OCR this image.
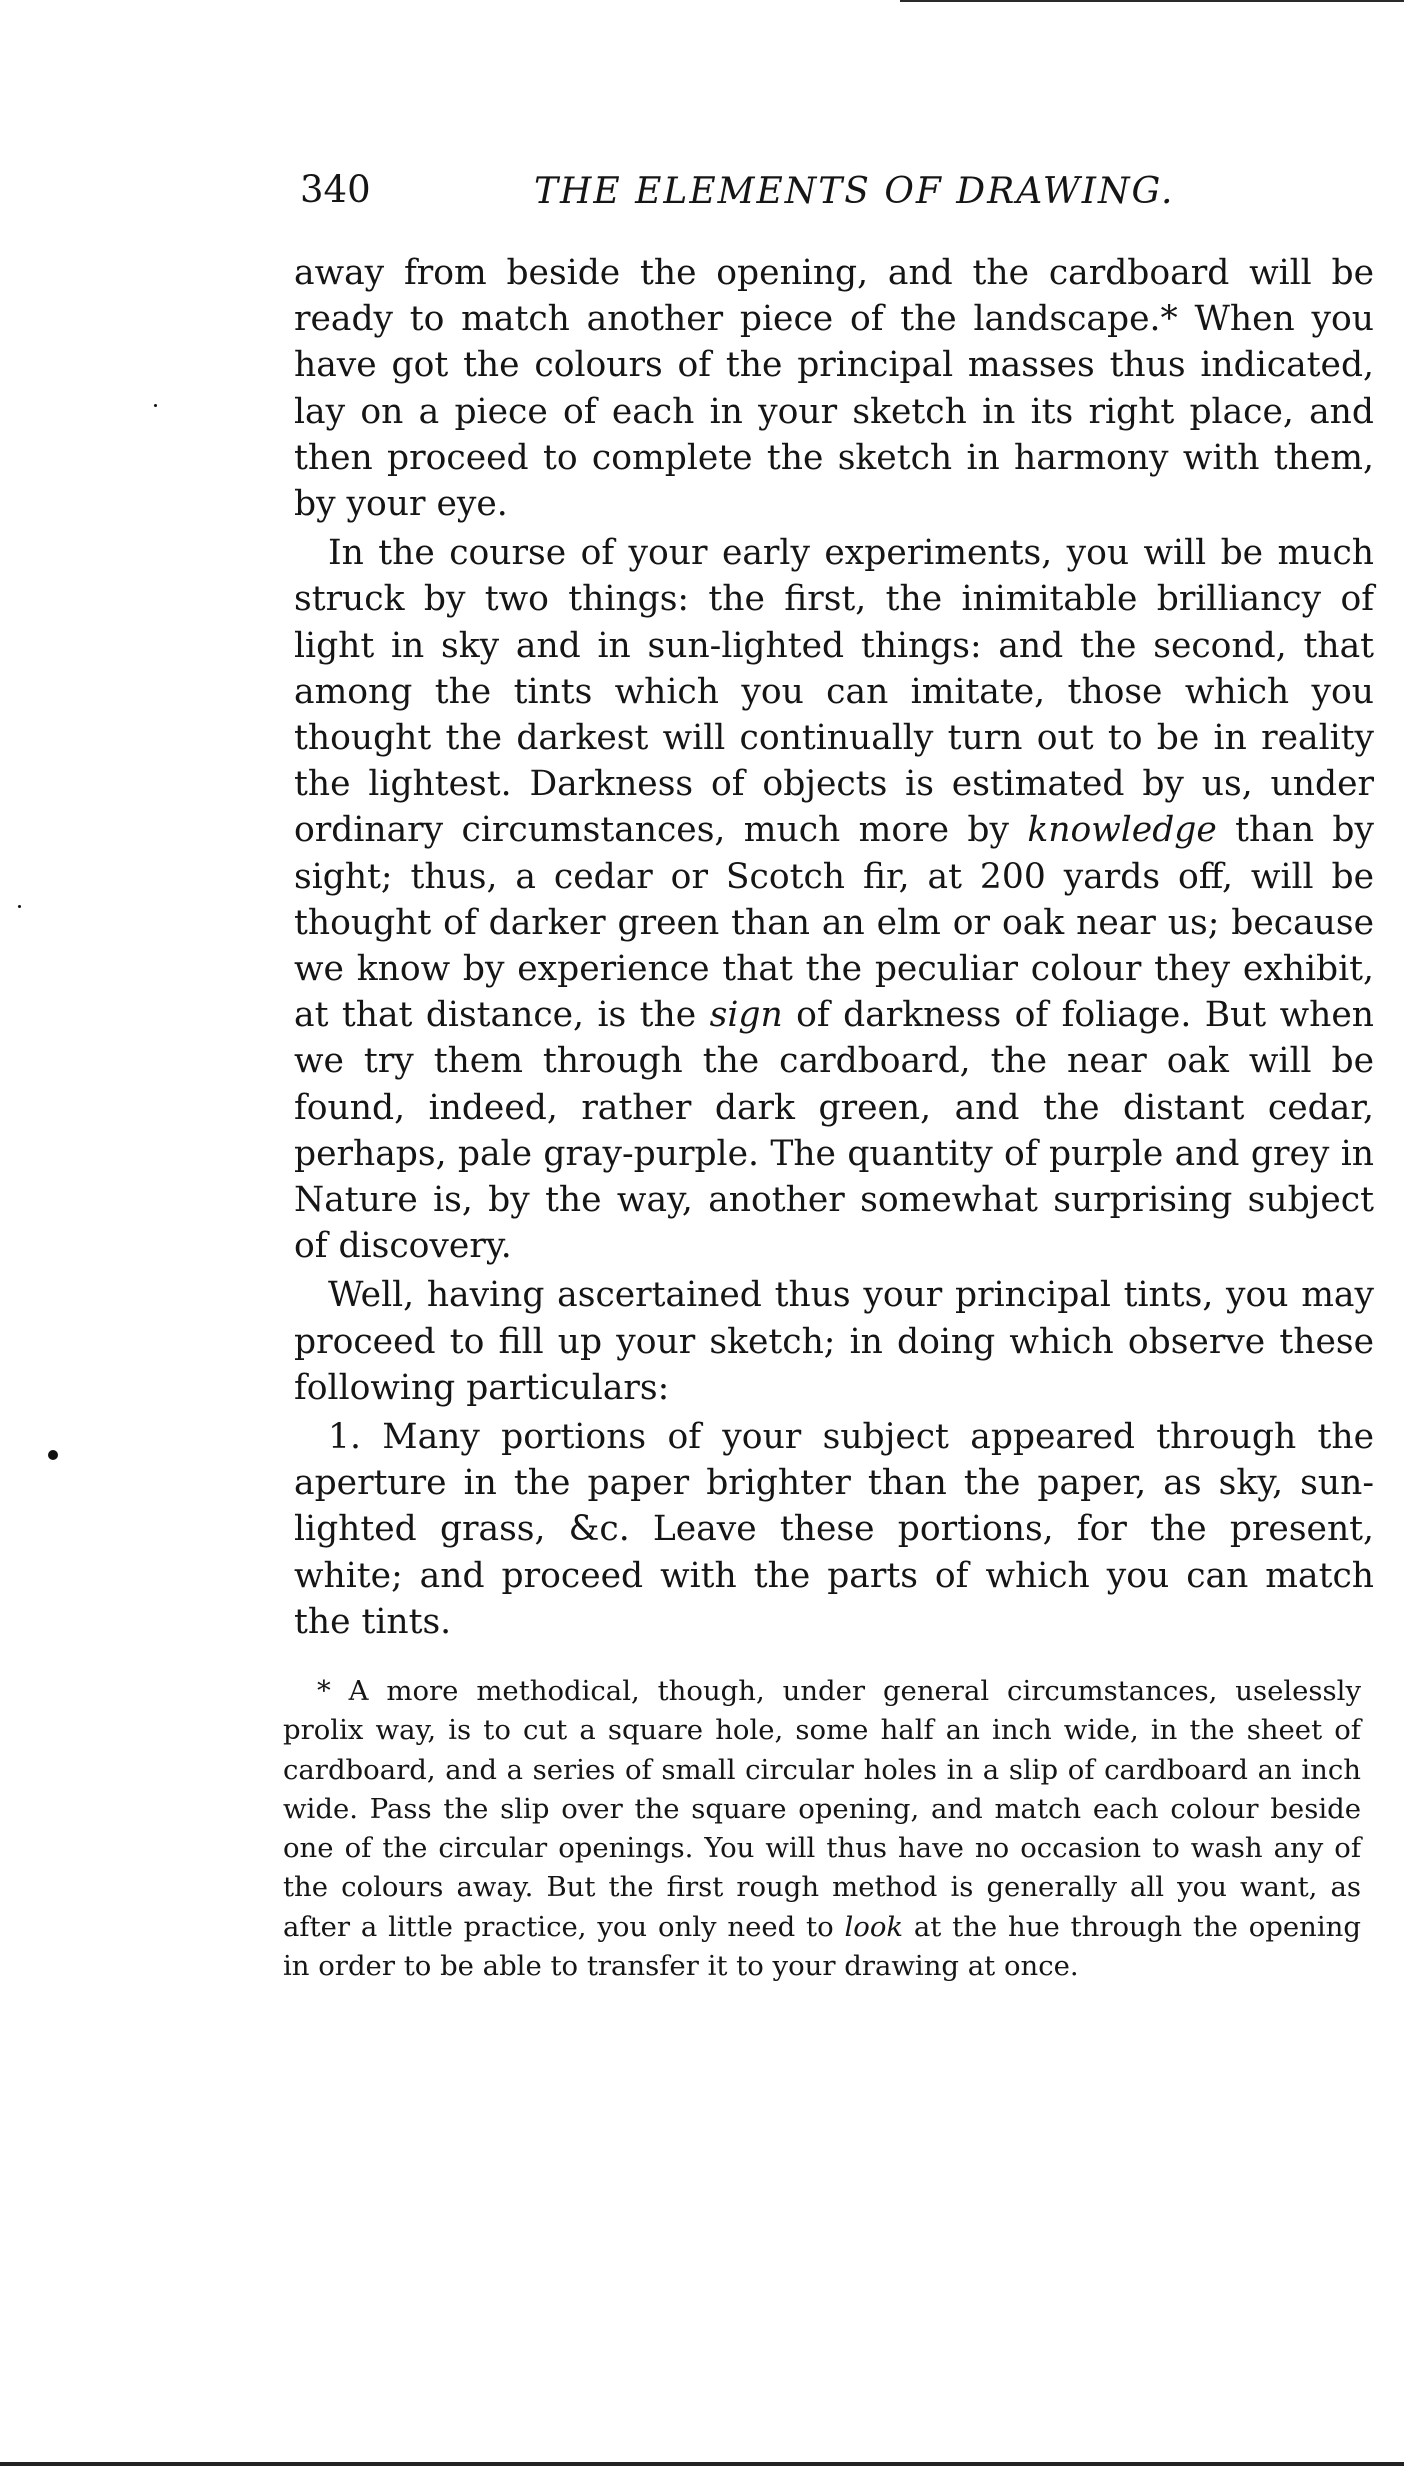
340	THE ELEMENTS OF DRAWING.

away from beside the opening, and the cardboard will be ready to match another piece of the landscape.* When you have got the colours of the principal masses thus indicated, lay on a piece of each in your sketch in its right place, and then proceed to complete the sketch in harmony with them, by your eye.

In the course of your early experiments, you will be much struck by two things: the first, the inimitable brilliancy of light in sky and in sun-lighted things: and the second, that among the tints which you can imitate, those which you thought the darkest will continually turn out to be in reality the lightest. Darkness of objects is estimated by us, under ordinary circumstances, much more by knowledge than by sight; thus, a cedar or Scotch fir, at 200 yards off, will be thought of darker green than an elm or oak near us; because we know by experience that the peculiar colour they exhibit, at that distance, is the sign of darkness of foliage. But when we try them through the cardboard, the near oak will be found, indeed, rather dark green, and the distant cedar, perhaps, pale gray-purple. The quantity of purple and grey in Nature is, by the way, another somewhat surprising subject of discovery.

Well, having ascertained thus your principal tints, you may proceed to fill up your sketch; in doing which observe these following particulars:

1. Many portions of your subject appeared through the aperture in the paper brighter than the paper, as sky, sun-lighted grass, &c. Leave these portions, for the present, white; and proceed with the parts of which you can match the tints.

* A more methodical, though, under general circumstances, uselessly prolix way, is to cut a square hole, some half an inch wide, in the sheet of cardboard, and a series of small circular holes in a slip of cardboard an inch wide. Pass the slip over the square opening, and match each colour beside one of the circular openings. You will thus have no occasion to wash any of the colours away. But the first rough method is generally all you want, as after a little practice, you only need to look at the hue through the opening in order to be able to transfer it to your drawing at once.
